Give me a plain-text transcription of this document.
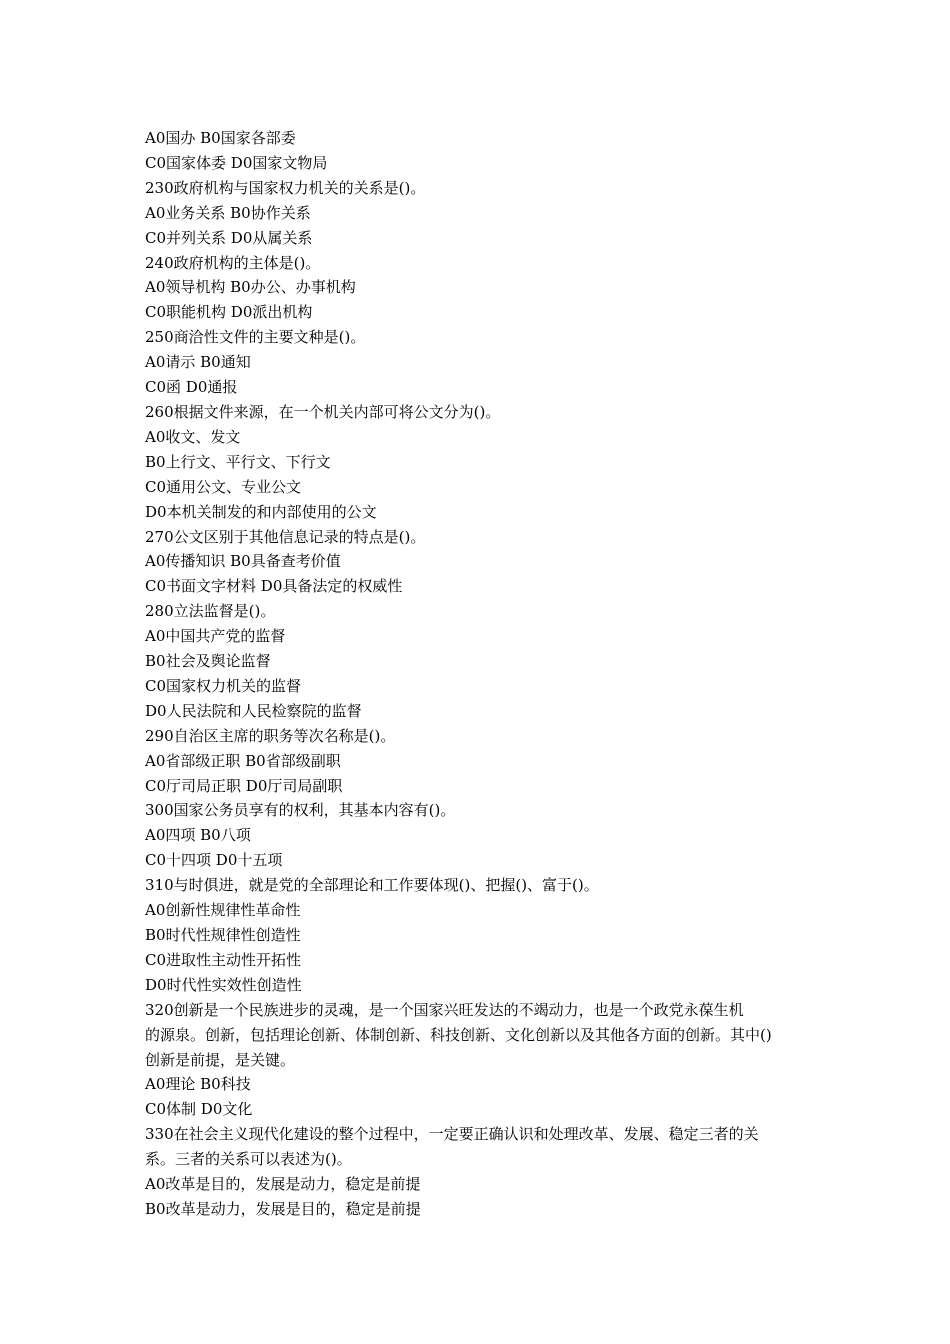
A0国办 B0国家各部委
C0国家体委 D0国家文物局
230政府机构与国家权力机关的关系是()。
A0业务关系 B0协作关系
C0并列关系 D0从属关系
240政府机构的主体是()。
A0领导机构 B0办公、办事机构
C0职能机构 D0派出机构
250商洽性文件的主要文种是()。
A0请示 B0通知
C0函 D0通报
260根据文件来源，在一个机关内部可将公文分为()。
A0收文、发文
B0上行文、平行文、下行文
C0通用公文、专业公文
D0本机关制发的和内部使用的公文
270公文区别于其他信息记录的特点是()。
A0传播知识 B0具备查考价值
C0书面文字材料 D0具备法定的权威性
280立法监督是()。
A0中国共产党的监督
B0社会及舆论监督
C0国家权力机关的监督
D0人民法院和人民检察院的监督
290自治区主席的职务等次名称是()。
A0省部级正职 B0省部级副职
C0厅司局正职 D0厅司局副职
300国家公务员享有的权利，其基本内容有()。
A0四项 B0八项
C0十四项 D0十五项
310与时俱进，就是党的全部理论和工作要体现()、把握()、富于()。
A0创新性规律性革命性
B0时代性规律性创造性
C0进取性主动性开拓性
D0时代性实效性创造性
320创新是一个民族进步的灵魂，是一个国家兴旺发达的不竭动力，也是一个政党永葆生机
的源泉。创新，包括理论创新、体制创新、科技创新、文化创新以及其他各方面的创新。其中()
创新是前提，是关键。
A0理论 B0科技
C0体制 D0文化
330在社会主义现代化建设的整个过程中，一定要正确认识和处理改革、发展、稳定三者的关
系。三者的关系可以表述为()。
A0改革是目的，发展是动力，稳定是前提
B0改革是动力，发展是目的，稳定是前提
